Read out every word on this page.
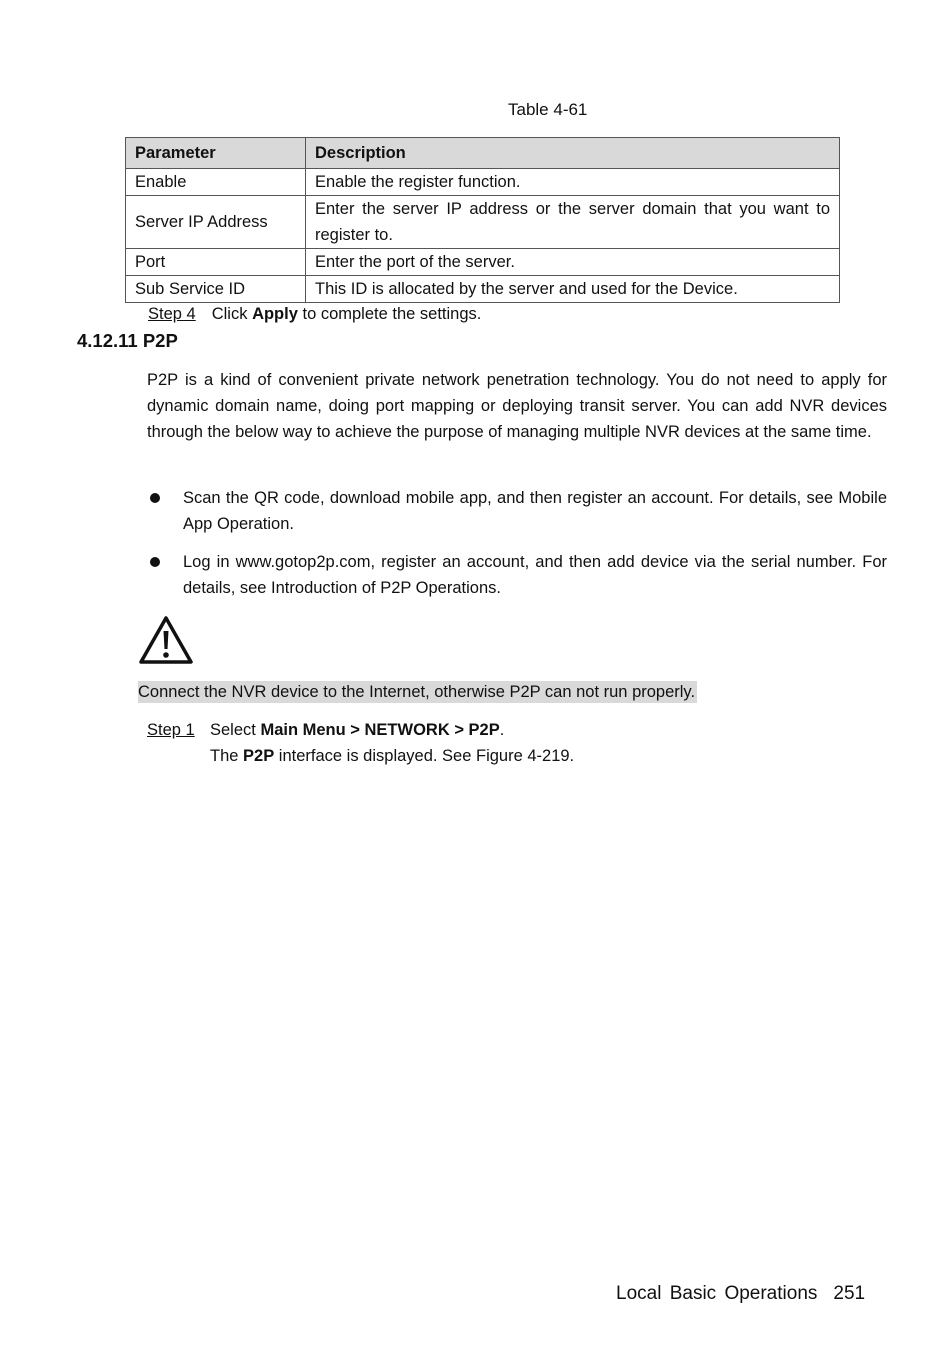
Table 4-61
Parameter	Description
Enable	Enable the register function.
Server IP Address	Enter the server IP address or the server domain that you want to register to.
Port	Enter the port of the server.
Sub Service ID	This ID is allocated by the server and used for the Device.
Step 4 Click Apply to complete the settings.
4.12.11 P2P
P2P is a kind of convenient private network penetration technology. You do not need to apply for dynamic domain name, doing port mapping or deploying transit server. You can add NVR devices through the below way to achieve the purpose of managing multiple NVR devices at the same time.
Scan the QR code, download mobile app, and then register an account. For details, see Mobile App Operation.
Log in www.gotop2p.com, register an account, and then add device via the serial number. For details, see Introduction of P2P Operations.
Connect the NVR device to the Internet, otherwise P2P can not run properly.
Step 1 Select Main Menu > NETWORK > P2P.
The P2P interface is displayed. See Figure 4-219.
Local Basic Operations 251
